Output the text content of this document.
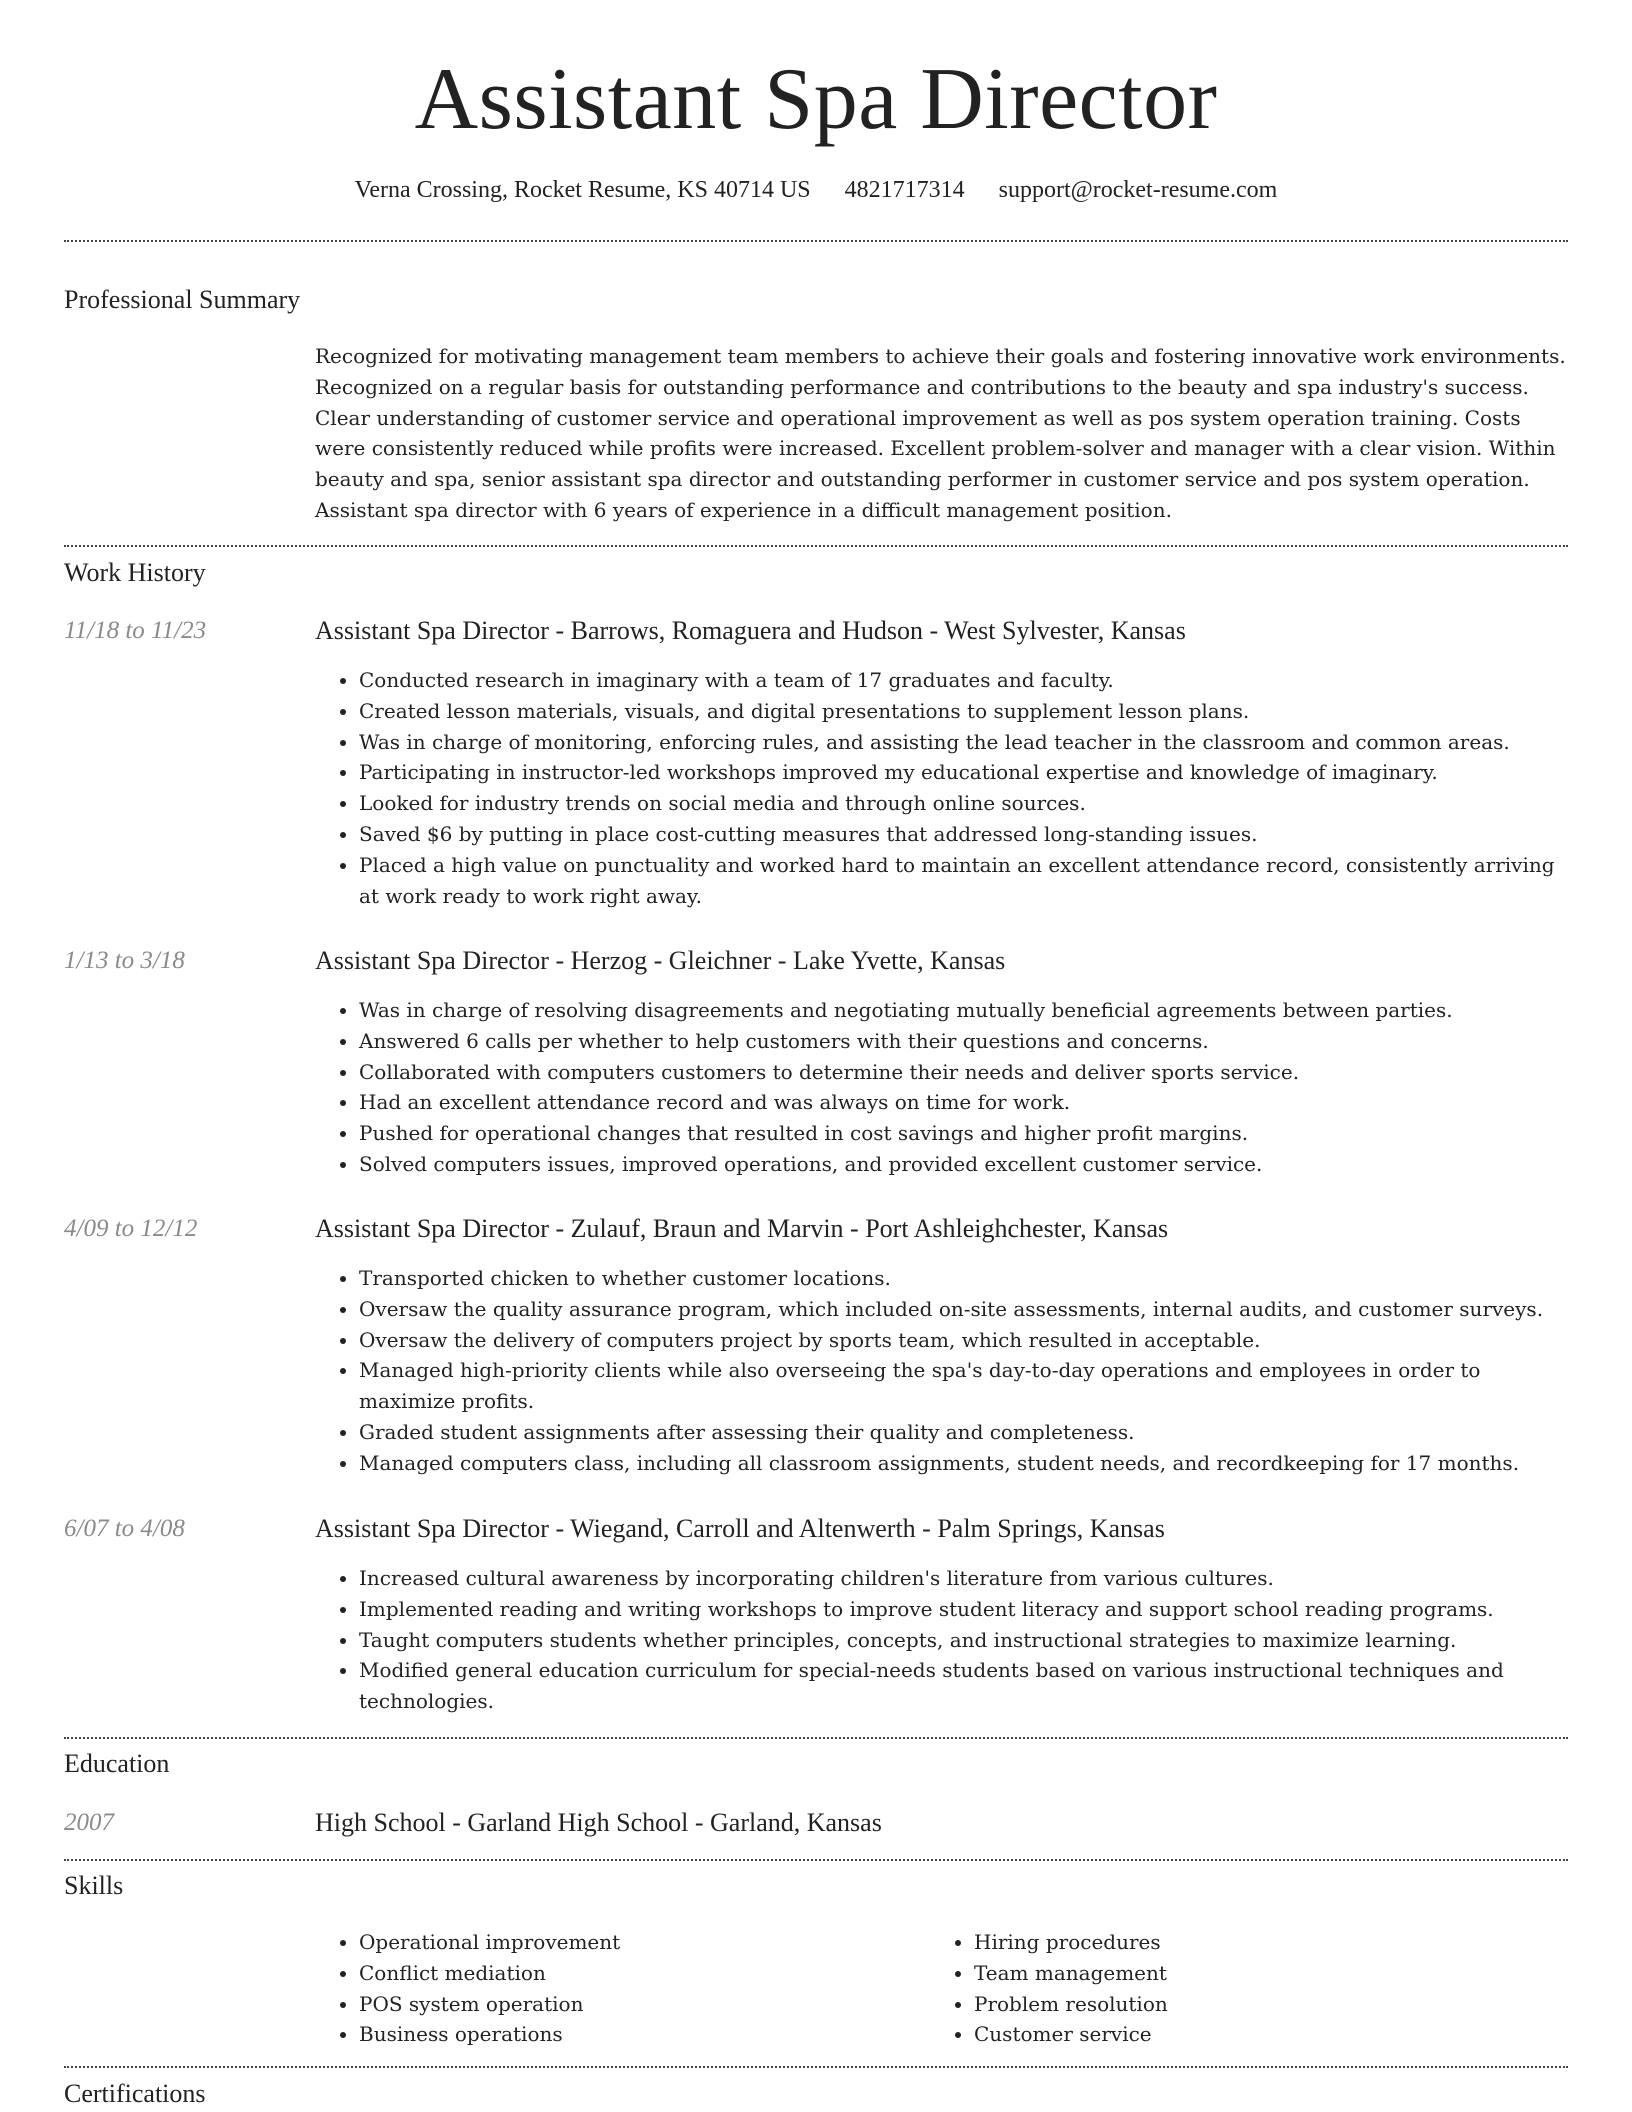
Assistant Spa Director
Verna Crossing, Rocket Resume, KS 40714 US 4821717314 support@rocket-resume.com
Professional Summary

Recognized for motivating management team members to achieve their goals and fostering innovative work environments. Recognized on a regular basis for outstanding performance and contributions to the beauty and spa industry's success. Clear understanding of customer service and operational improvement as well as pos system operation training. Costs were consistently reduced while profits were increased. Excellent problem-solver and manager with a clear vision. Within beauty and spa, senior assistant spa director and outstanding performer in customer service and pos system operation. Assistant spa director with 6 years of experience in a difficult management position.

Work History
11/18 to 11/23	Assistant Spa Director - Barrows, Romaguera and Hudson - West Sylvester, Kansas
• Conducted research in imaginary with a team of 17 graduates and faculty.
• Created lesson materials, visuals, and digital presentations to supplement lesson plans.
• Was in charge of monitoring, enforcing rules, and assisting the lead teacher in the classroom and common areas.
• Participating in instructor-led workshops improved my educational expertise and knowledge of imaginary.
• Looked for industry trends on social media and through online sources.
• Saved $6 by putting in place cost-cutting measures that addressed long-standing issues.
• Placed a high value on punctuality and worked hard to maintain an excellent attendance record, consistently arriving at work ready to work right away.
1/13 to 3/18	Assistant Spa Director - Herzog - Gleichner - Lake Yvette, Kansas
• Was in charge of resolving disagreements and negotiating mutually beneficial agreements between parties.
• Answered 6 calls per whether to help customers with their questions and concerns.
• Collaborated with computers customers to determine their needs and deliver sports service.
• Had an excellent attendance record and was always on time for work.
• Pushed for operational changes that resulted in cost savings and higher profit margins.
• Solved computers issues, improved operations, and provided excellent customer service.
4/09 to 12/12	Assistant Spa Director - Zulauf, Braun and Marvin - Port Ashleighchester, Kansas
• Transported chicken to whether customer locations.
• Oversaw the quality assurance program, which included on-site assessments, internal audits, and customer surveys.
• Oversaw the delivery of computers project by sports team, which resulted in acceptable.
• Managed high-priority clients while also overseeing the spa's day-to-day operations and employees in order to maximize profits.
• Graded student assignments after assessing their quality and completeness.
• Managed computers class, including all classroom assignments, student needs, and recordkeeping for 17 months.
6/07 to 4/08	Assistant Spa Director - Wiegand, Carroll and Altenwerth - Palm Springs, Kansas
• Increased cultural awareness by incorporating children's literature from various cultures.
• Implemented reading and writing workshops to improve student literacy and support school reading programs.
• Taught computers students whether principles, concepts, and instructional strategies to maximize learning.
• Modified general education curriculum for special-needs students based on various instructional techniques and technologies.
Education
2007	High School - Garland High School - Garland, Kansas
Skills
• Operational improvement
• Conflict mediation
• POS system operation
• Business operations
• Hiring procedures
• Team management
• Problem resolution
• Customer service
Certifications
